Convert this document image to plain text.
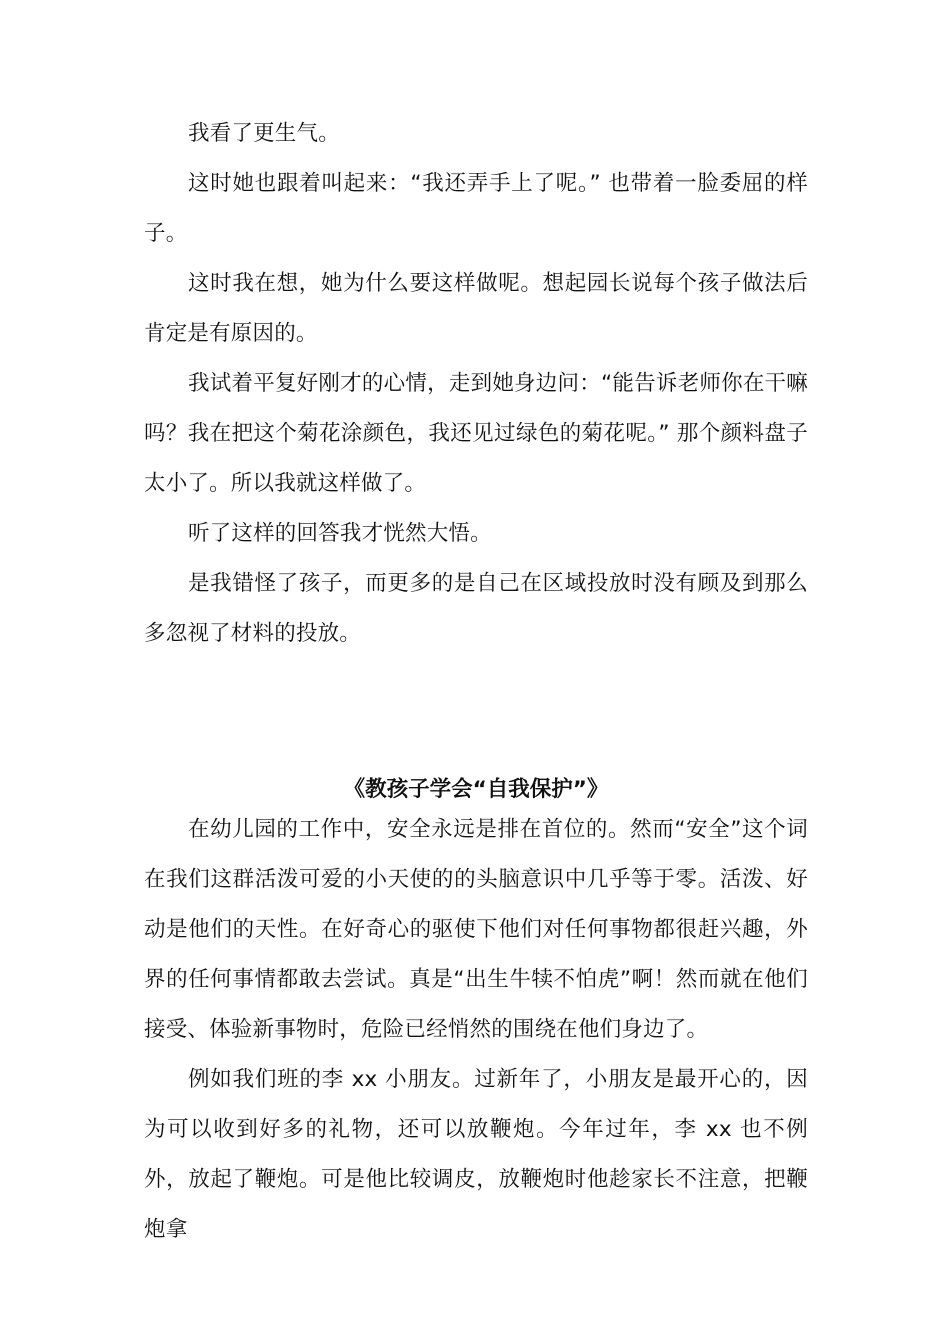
我看了更生气。

这时她也跟着叫起来：“我还弄手上了呢。” 也带着一脸委屈的样子。

这时我在想，她为什么要这样做呢。想起园长说每个孩子做法后肯定是有原因的。

我试着平复好刚才的心情，走到她身边问：“能告诉老师你在干嘛吗？我在把这个菊花涂颜色，我还见过绿色的菊花呢。” 那个颜料盘子太小了。所以我就这样做了。

听了这样的回答我才恍然大悟。

是我错怪了孩子，而更多的是自己在区域投放时没有顾及到那么多忽视了材料的投放。

《教孩子学会“自我保护”》

在幼儿园的工作中，安全永远是排在首位的。然而“安全”这个词在我们这群活泼可爱的小天使的的头脑意识中几乎等于零。活泼、好动是他们的天性。在好奇心的驱使下他们对任何事物都很赶兴趣，外界的任何事情都敢去尝试。真是“出生牛犊不怕虎”啊！然而就在他们接受、体验新事物时，危险已经悄然的围绕在他们身边了。

例如我们班的李 xx 小朋友。过新年了，小朋友是最开心的，因为可以收到好多的礼物，还可以放鞭炮。今年过年，李 xx 也不例外，放起了鞭炮。可是他比较调皮，放鞭炮时他趁家长不注意，把鞭炮拿
